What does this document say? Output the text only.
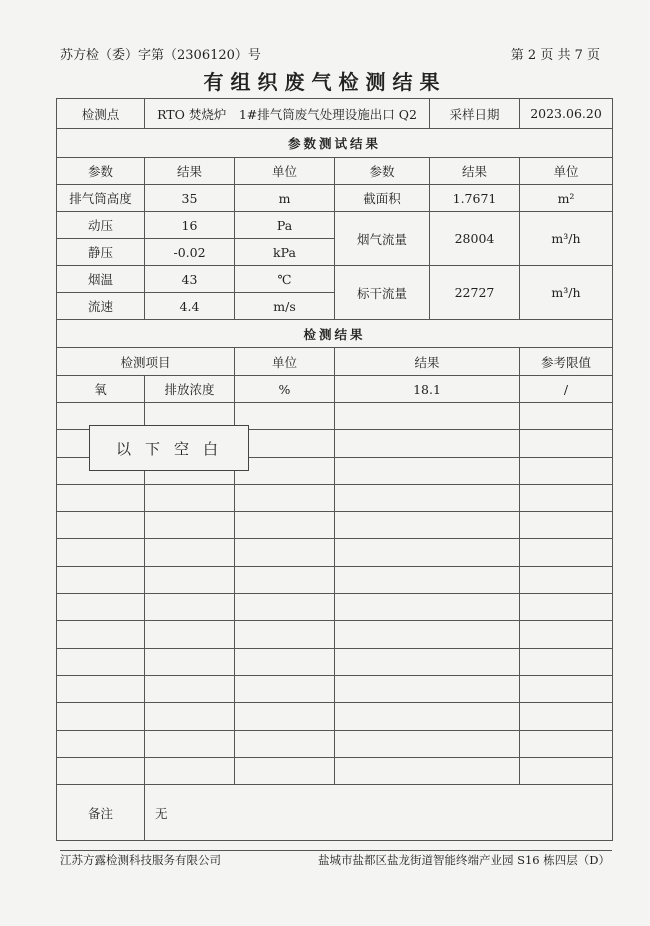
苏方检（委）字第（2306120）号	第 2 页 共 7 页
有组织废气检测结果
检测点	RTO 焚烧炉　1#排气筒废气处理设施出口 Q2			采样日期	2023.06.20
参数测试结果					
参数	结果	单位	参数	结果	单位
排气筒高度	35	m	截面积	1.7671	m²
动压	16	Pa	烟气流量	28004	m³/h
静压	-0.02	kPa			
烟温	43	℃	标干流量	22727	m³/h
流速	4.4	m/s			
检测结果					
检测项目		单位	结果		参考限值
氧	排放浓度	%	18.1		/

备注	无				
以下空白
江苏方露检测科技服务有限公司	盐城市盐都区盐龙街道智能终端产业园 S16 栋四层（D）
